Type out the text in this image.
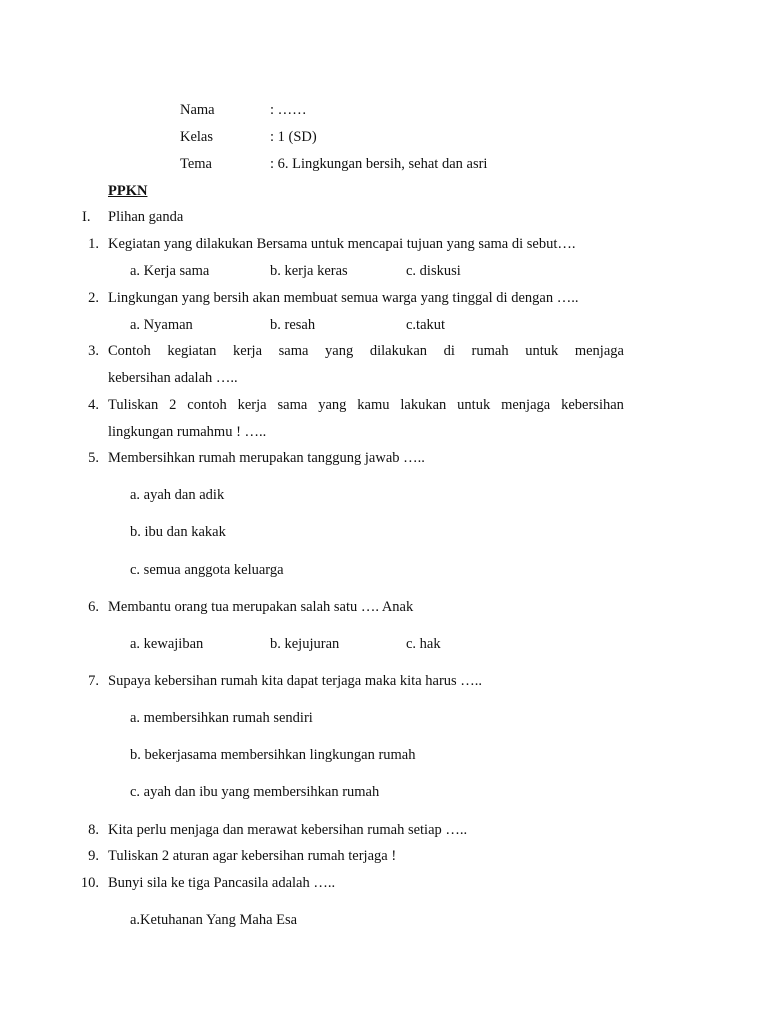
Nama	: ……
Kelas	: 1 (SD)
Tema	: 6. Lingkungan bersih, sehat dan asri
PPKN
I. Plihan ganda
1. Kegiatan yang dilakukan Bersama untuk mencapai tujuan yang sama di sebut….
a. Kerja sama	b. kerja keras	c. diskusi
2. Lingkungan yang bersih akan membuat semua warga yang tinggal di dengan …..
a. Nyaman	b. resah	c.takut
3. Contoh kegiatan kerja sama yang dilakukan di rumah untuk menjaga
kebersihan adalah …..
4. Tuliskan 2 contoh kerja sama yang kamu lakukan untuk menjaga kebersihan
lingkungan rumahmu ! …..
5. Membersihkan rumah merupakan tanggung jawab …..
a. ayah dan adik
b. ibu dan kakak
c. semua anggota keluarga
6. Membantu orang tua merupakan salah satu …. Anak
a. kewajiban	b. kejujuran	c. hak
7. Supaya kebersihan rumah kita dapat terjaga maka kita harus …..
a. membersihkan rumah sendiri
b. bekerjasama membersihkan lingkungan rumah
c. ayah dan ibu yang membersihkan rumah
8. Kita perlu menjaga dan merawat kebersihan rumah setiap …..
9. Tuliskan 2 aturan agar kebersihan rumah terjaga !
10. Bunyi sila ke tiga Pancasila adalah …..
a.Ketuhanan Yang Maha Esa
